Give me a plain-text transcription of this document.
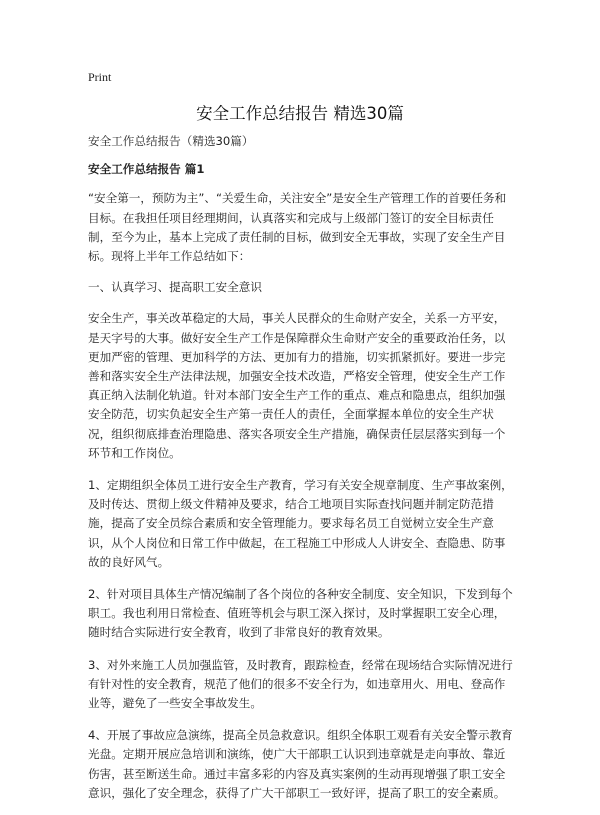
Print
安全工作总结报告 精选30篇

安全工作总结报告（精选30篇）

安全工作总结报告 篇1

“安全第一，预防为主”、“关爱生命，关注安全”是安全生产管理工作的首要任务和目标。在我担任项目经理期间，认真落实和完成与上级部门签订的安全目标责任制，至今为止，基本上完成了责任制的目标，做到安全无事故，实现了安全生产目标。现将上半年工作总结如下：

一、认真学习、提高职工安全意识

安全生产，事关改革稳定的大局，事关人民群众的生命财产安全，关系一方平安，是天字号的大事。做好安全生产工作是保障群众生命财产安全的重要政治任务，以更加严密的管理、更加科学的方法、更加有力的措施，切实抓紧抓好。要进一步完善和落实安全生产法律法规，加强安全技术改造，严格安全管理，使安全生产工作真正纳入法制化轨道。针对本部门安全生产工作的重点、难点和隐患点，组织加强安全防范，切实负起安全生产第一责任人的责任，全面掌握本单位的安全生产状况，组织彻底排查治理隐患、落实各项安全生产措施，确保责任层层落实到每一个环节和工作岗位。

1、定期组织全体员工进行安全生产教育，学习有关安全规章制度、生产事故案例，及时传达、贯彻上级文件精神及要求，结合工地项目实际查找问题并制定防范措施，提高了安全员综合素质和安全管理能力。要求每名员工自觉树立安全生产意识，从个人岗位和日常工作中做起，在工程施工中形成人人讲安全、查隐患、防事故的良好风气。

2、针对项目具体生产情况编制了各个岗位的各种安全制度、安全知识，下发到每个职工。我也利用日常检查、值班等机会与职工深入探讨，及时掌握职工安全心理，随时结合实际进行安全教育，收到了非常良好的教育效果。

3、对外来施工人员加强监管，及时教育，跟踪检查，经常在现场结合实际情况进行有针对性的安全教育，规范了他们的很多不安全行为，如违章用火、用电、登高作业等，避免了一些安全事故发生。

4、开展了事故应急演练，提高全员急救意识。组织全体职工观看有关安全警示教育光盘。定期开展应急培训和演练，使广大干部职工认识到违章就是走向事故、靠近伤害，甚至断送生命。通过丰富多彩的内容及真实案例的生动再现增强了职工安全意识，强化了安全理念，获得了广大干部职工一致好评，提高了职工的安全素质。
